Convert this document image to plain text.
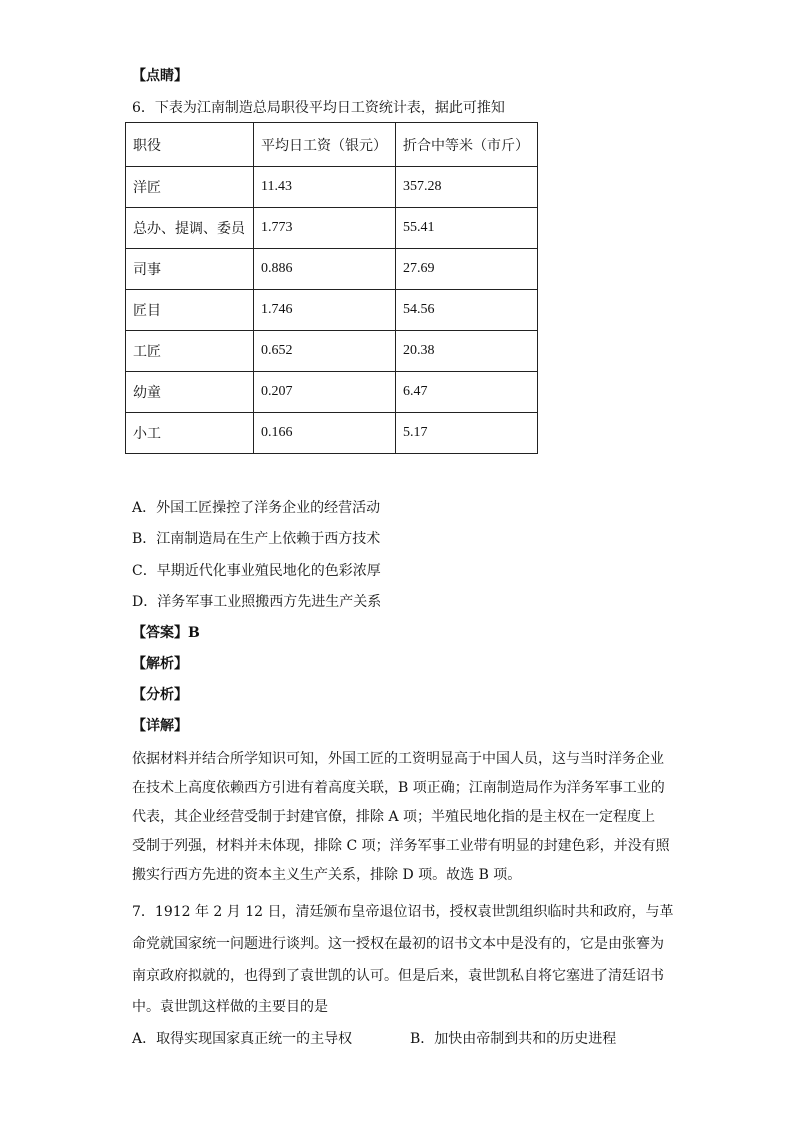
【点睛】
6．下表为江南制造总局职役平均日工资统计表，据此可推知
职役	平均日工资（银元）	折合中等米（市斤）
洋匠	11.43	357.28
总办、提调、委员	1.773	55.41
司事	0.886	27.69
匠目	1.746	54.56
工匠	0.652	20.38
幼童	0.207	6.47
小工	0.166	5.17
A．外国工匠操控了洋务企业的经营活动
B．江南制造局在生产上依赖于西方技术
C．早期近代化事业殖民地化的色彩浓厚
D．洋务军事工业照搬西方先进生产关系
【答案】B
【解析】
【分析】
【详解】
依据材料并结合所学知识可知，外国工匠的工资明显高于中国人员，这与当时洋务企业
在技术上高度依赖西方引进有着高度关联，B 项正确；江南制造局作为洋务军事工业的
代表，其企业经营受制于封建官僚，排除 A 项；半殖民地化指的是主权在一定程度上
受制于列强，材料并未体现，排除 C 项；洋务军事工业带有明显的封建色彩，并没有照
搬实行西方先进的资本主义生产关系，排除 D 项。故选 B 项。
7．1912 年 2 月 12 日，清廷颁布皇帝退位诏书，授权袁世凯组织临时共和政府，与革
命党就国家统一问题进行谈判。这一授权在最初的诏书文本中是没有的，它是由张謇为
南京政府拟就的，也得到了袁世凯的认可。但是后来，袁世凯私自将它塞进了清廷诏书
中。袁世凯这样做的主要目的是
A．取得实现国家真正统一的主导权	B．加快由帝制到共和的历史进程
